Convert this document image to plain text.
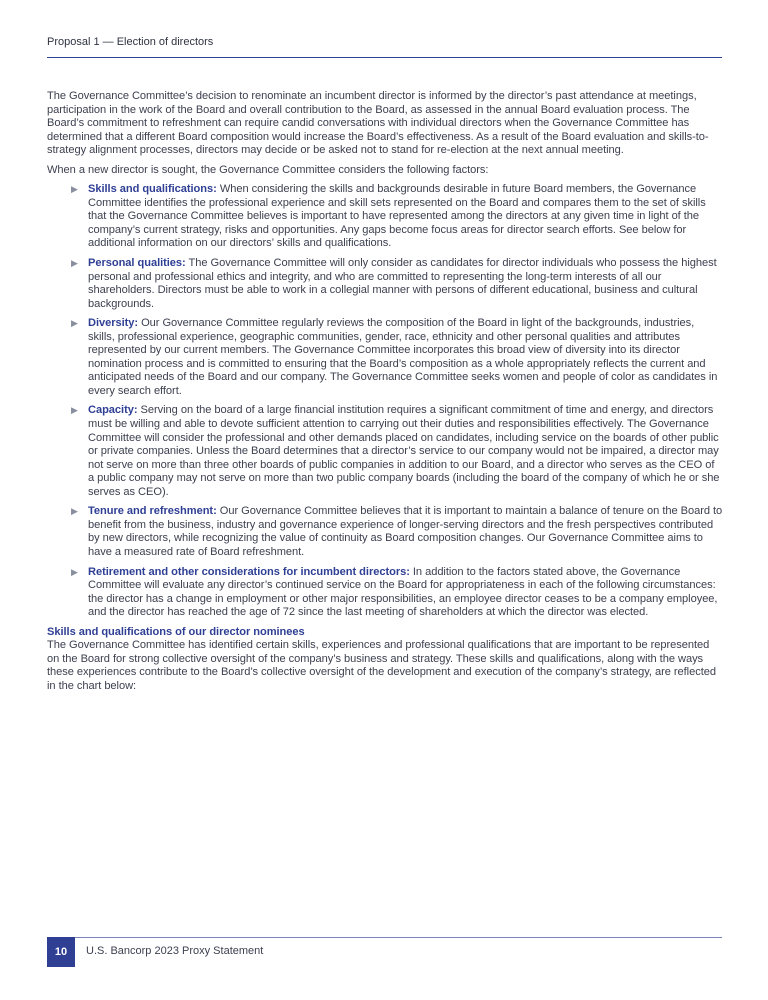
Proposal 1 — Election of directors

The Governance Committee’s decision to renominate an incumbent director is informed by the director’s past attendance at meetings, participation in the work of the Board and overall contribution to the Board, as assessed in the annual Board evaluation process. The Board’s commitment to refreshment can require candid conversations with individual directors when the Governance Committee has determined that a different Board composition would increase the Board’s effectiveness. As a result of the Board evaluation and skills-to-strategy alignment processes, directors may decide or be asked not to stand for re-election at the next annual meeting.

When a new director is sought, the Governance Committee considers the following factors:

▶ Skills and qualifications: When considering the skills and backgrounds desirable in future Board members, the Governance Committee identifies the professional experience and skill sets represented on the Board and compares them to the set of skills that the Governance Committee believes is important to have represented among the directors at any given time in light of the company’s current strategy, risks and opportunities. Any gaps become focus areas for director search efforts. See below for additional information on our directors’ skills and qualifications.
▶ Personal qualities: The Governance Committee will only consider as candidates for director individuals who possess the highest personal and professional ethics and integrity, and who are committed to representing the long-term interests of all our shareholders. Directors must be able to work in a collegial manner with persons of different educational, business and cultural backgrounds.
▶ Diversity: Our Governance Committee regularly reviews the composition of the Board in light of the backgrounds, industries, skills, professional experience, geographic communities, gender, race, ethnicity and other personal qualities and attributes represented by our current members. The Governance Committee incorporates this broad view of diversity into its director nomination process and is committed to ensuring that the Board’s composition as a whole appropriately reflects the current and anticipated needs of the Board and our company. The Governance Committee seeks women and people of color as candidates in every search effort.
▶ Capacity: Serving on the board of a large financial institution requires a significant commitment of time and energy, and directors must be willing and able to devote sufficient attention to carrying out their duties and responsibilities effectively. The Governance Committee will consider the professional and other demands placed on candidates, including service on the boards of other public or private companies. Unless the Board determines that a director’s service to our company would not be impaired, a director may not serve on more than three other boards of public companies in addition to our Board, and a director who serves as the CEO of a public company may not serve on more than two public company boards (including the board of the company of which he or she serves as CEO).
▶ Tenure and refreshment: Our Governance Committee believes that it is important to maintain a balance of tenure on the Board to benefit from the business, industry and governance experience of longer-serving directors and the fresh perspectives contributed by new directors, while recognizing the value of continuity as Board composition changes. Our Governance Committee aims to have a measured rate of Board refreshment.
▶ Retirement and other considerations for incumbent directors: In addition to the factors stated above, the Governance Committee will evaluate any director’s continued service on the Board for appropriateness in each of the following circumstances: the director has a change in employment or other major responsibilities, an employee director ceases to be a company employee, and the director has reached the age of 72 since the last meeting of shareholders at which the director was elected.
Skills and qualifications of our director nominees

The Governance Committee has identified certain skills, experiences and professional qualifications that are important to be represented on the Board for strong collective oversight of the company’s business and strategy. These skills and qualifications, along with the ways these experiences contribute to the Board’s collective oversight of the development and execution of the company’s strategy, are reflected in the chart below:

10	U.S. Bancorp 2023 Proxy Statement
